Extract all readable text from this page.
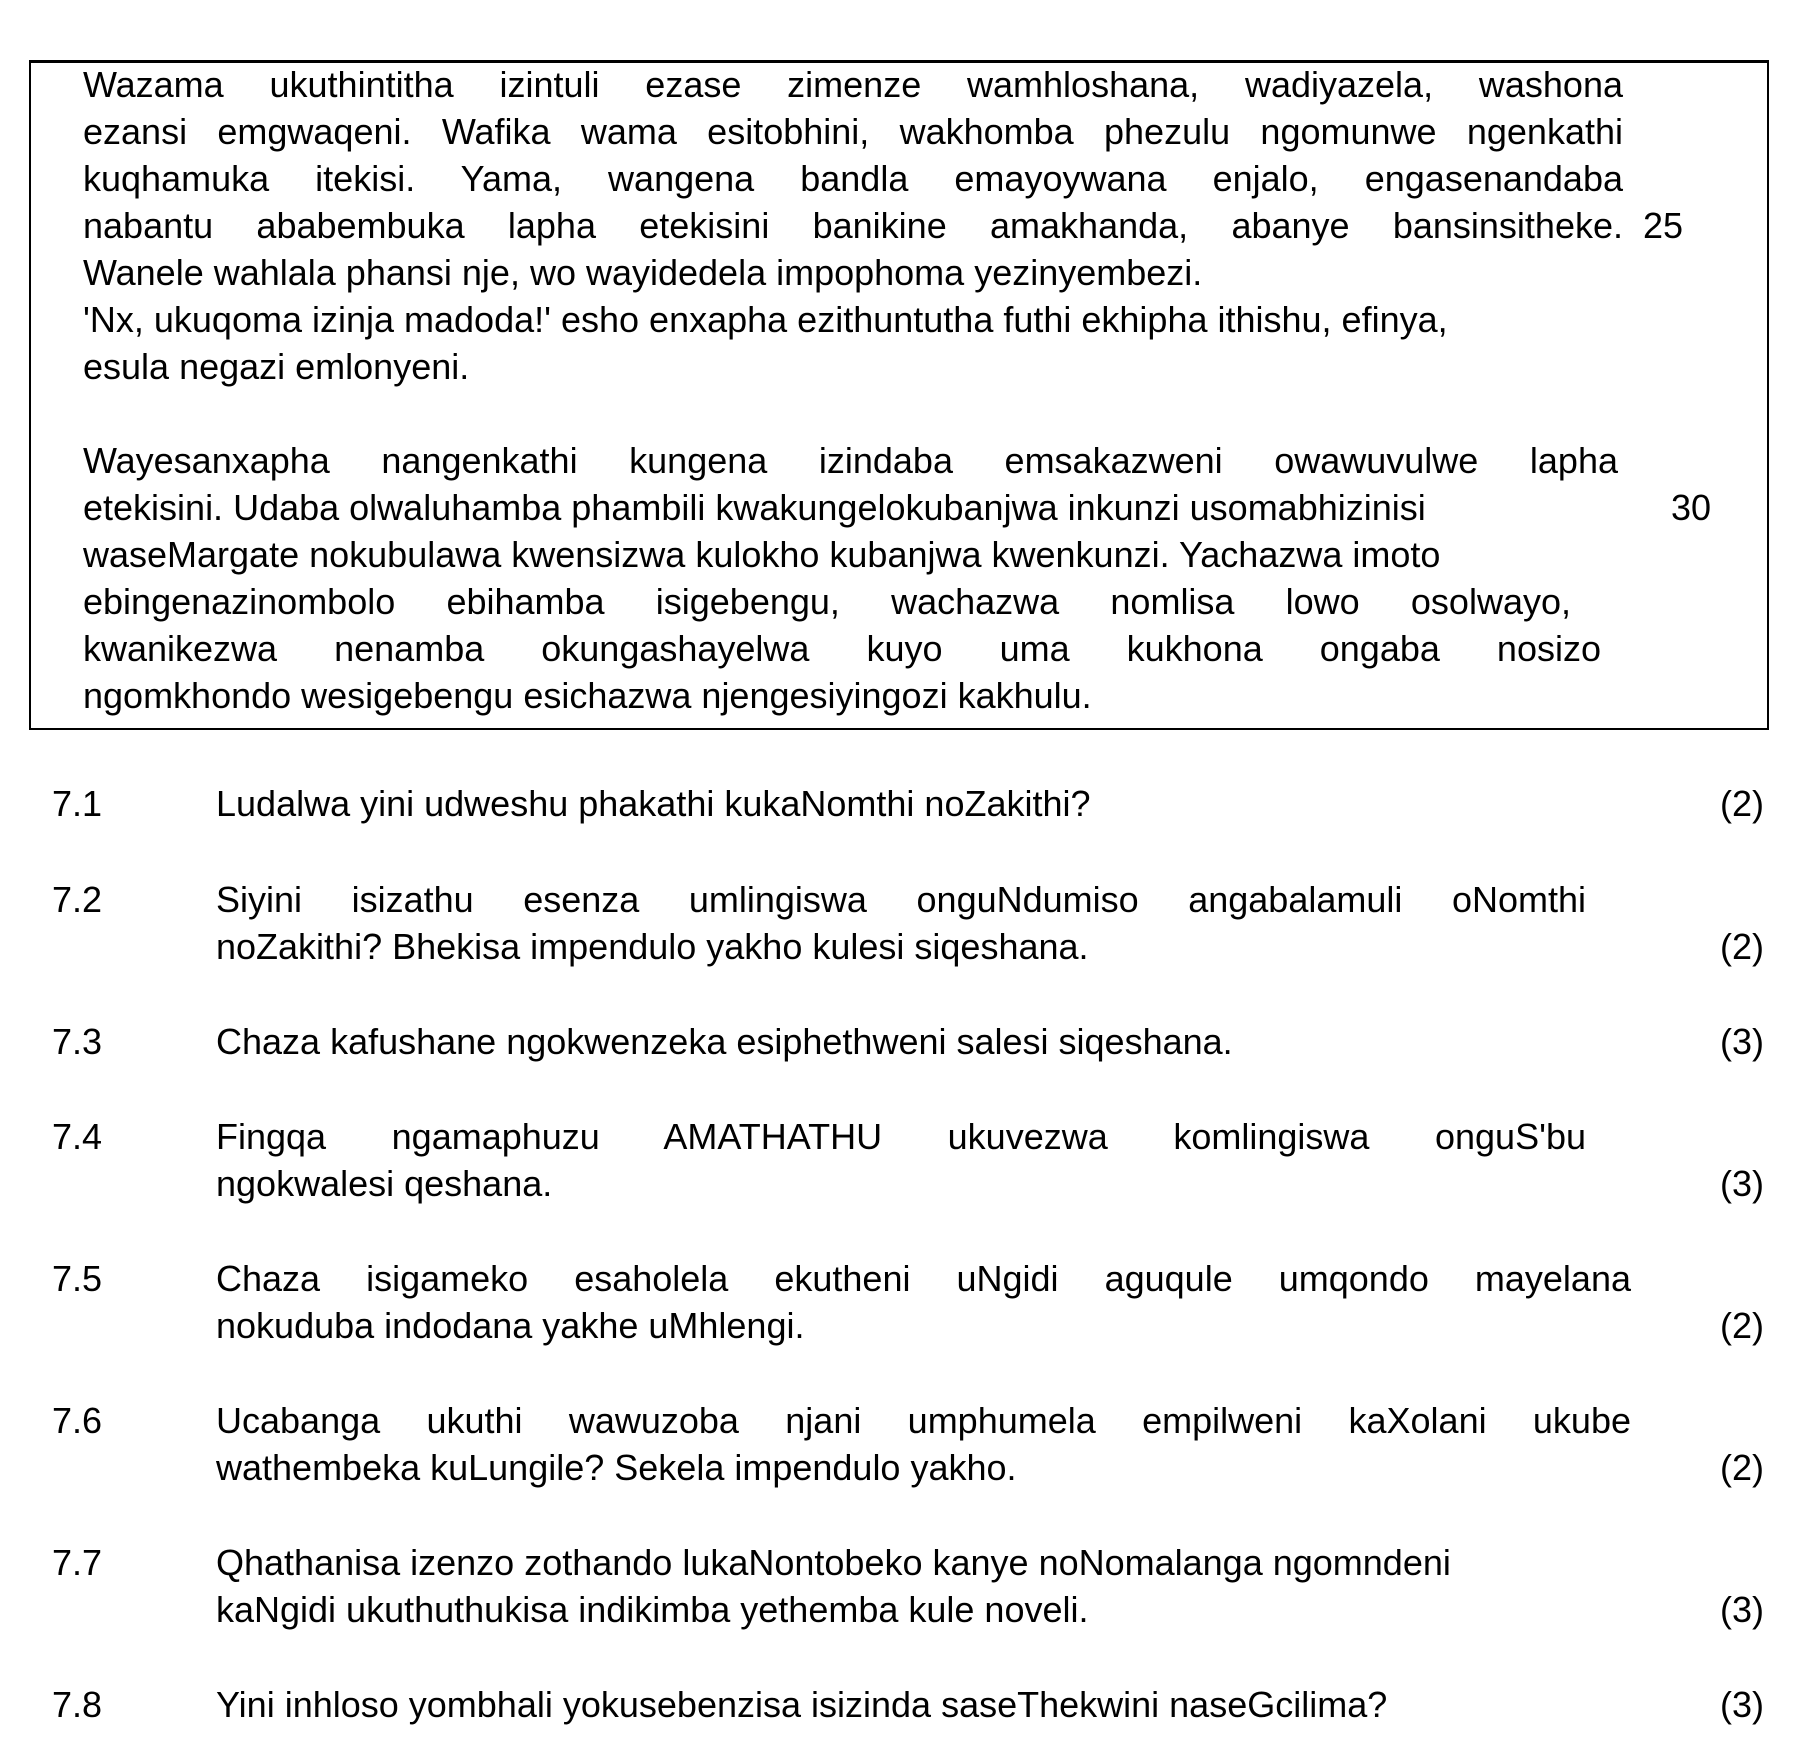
Wazama ukuthintitha izintuli ezase zimenze wamhloshana, wadiyazela, washona
ezansi emgwaqeni. Wafika wama esitobhini, wakhomba phezulu ngomunwe ngenkathi
kuqhamuka itekisi. Yama, wangena bandla emayoywana enjalo, engasenandaba
nabantu ababembuka lapha etekisini banikine amakhanda, abanye bansinsitheke.
Wanele wahlala phansi nje, wo wayidedela impophoma yezinyembezi.
'Nx, ukuqoma izinja madoda!' esho enxapha ezithuntutha futhi ekhipha ithishu, efinya,
esula negazi emlonyeni.
Wayesanxapha nangenkathi kungena izindaba emsakazweni owawuvulwe lapha
etekisini. Udaba olwaluhamba phambili kwakungelokubanjwa inkunzi usomabhizinisi
waseMargate nokubulawa kwensizwa kulokho kubanjwa kwenkunzi. Yachazwa imoto
ebingenazinombolo ebihamba isigebengu, wachazwa nomlisa lowo osolwayo,
kwanikezwa nenamba okungashayelwa kuyo uma kukhona ongaba nosizo
ngomkhondo wesigebengu esichazwa njengesiyingozi kakhulu.
25
30
7.1	Ludalwa yini udweshu phakathi kukaNomthi noZakithi?	(2)
7.2	Siyini isizathu esenza umlingiswa onguNdumiso angabalamuli oNomthi
noZakithi? Bhekisa impendulo yakho kulesi siqeshana.	(2)
7.3	Chaza kafushane ngokwenzeka esiphethweni salesi siqeshana.	(3)
7.4	Fingqa ngamaphuzu AMATHATHU ukuvezwa komlingiswa onguS'bu
ngokwalesi qeshana.	(3)
7.5	Chaza isigameko esaholela ekutheni uNgidi aguqule umqondo mayelana
nokuduba indodana yakhe uMhlengi.	(2)
7.6	Ucabanga ukuthi wawuzoba njani umphumela empilweni kaXolani ukube
wathembeka kuLungile? Sekela impendulo yakho.	(2)
7.7	Qhathanisa izenzo zothando lukaNontobeko kanye noNomalanga ngomndeni
kaNgidi ukuthuthukisa indikimba yethemba kule noveli.	(3)
7.8	Yini inhloso yombhali yokusebenzisa isizinda saseThekwini naseGcilima?	(3)
